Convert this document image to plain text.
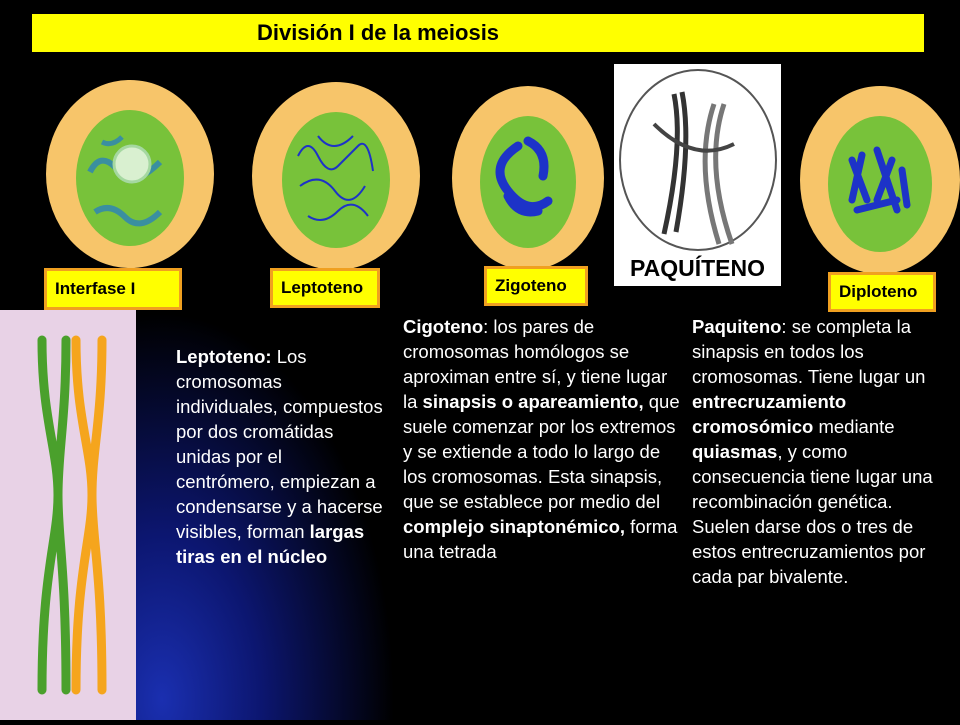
División I de la meiosis
PAQUÍTENO
Interfase I	Leptoteno	Zigoteno	Diploteno
Leptoteno: Los cromosomas individuales, compuestos por dos cromátidas unidas por el centrómero, empiezan a condensarse y a hacerse visibles, forman largas tiras en el núcleo
Cigoteno: los pares de cromosomas homólogos se aproximan entre sí, y tiene lugar la sinapsis o apareamiento, que suele comenzar por los extremos y se extiende a todo lo largo de los cromosomas. Esta sinapsis, que se establece por medio del complejo sinaptonémico, forma una tetrada
Paquiteno: se completa la sinapsis en todos los cromosomas. Tiene lugar un entrecruzamiento cromosómico mediante quiasmas, y como consecuencia tiene lugar una recombinación genética. Suelen darse dos o tres de estos entrecruzamientos por cada par bivalente.
